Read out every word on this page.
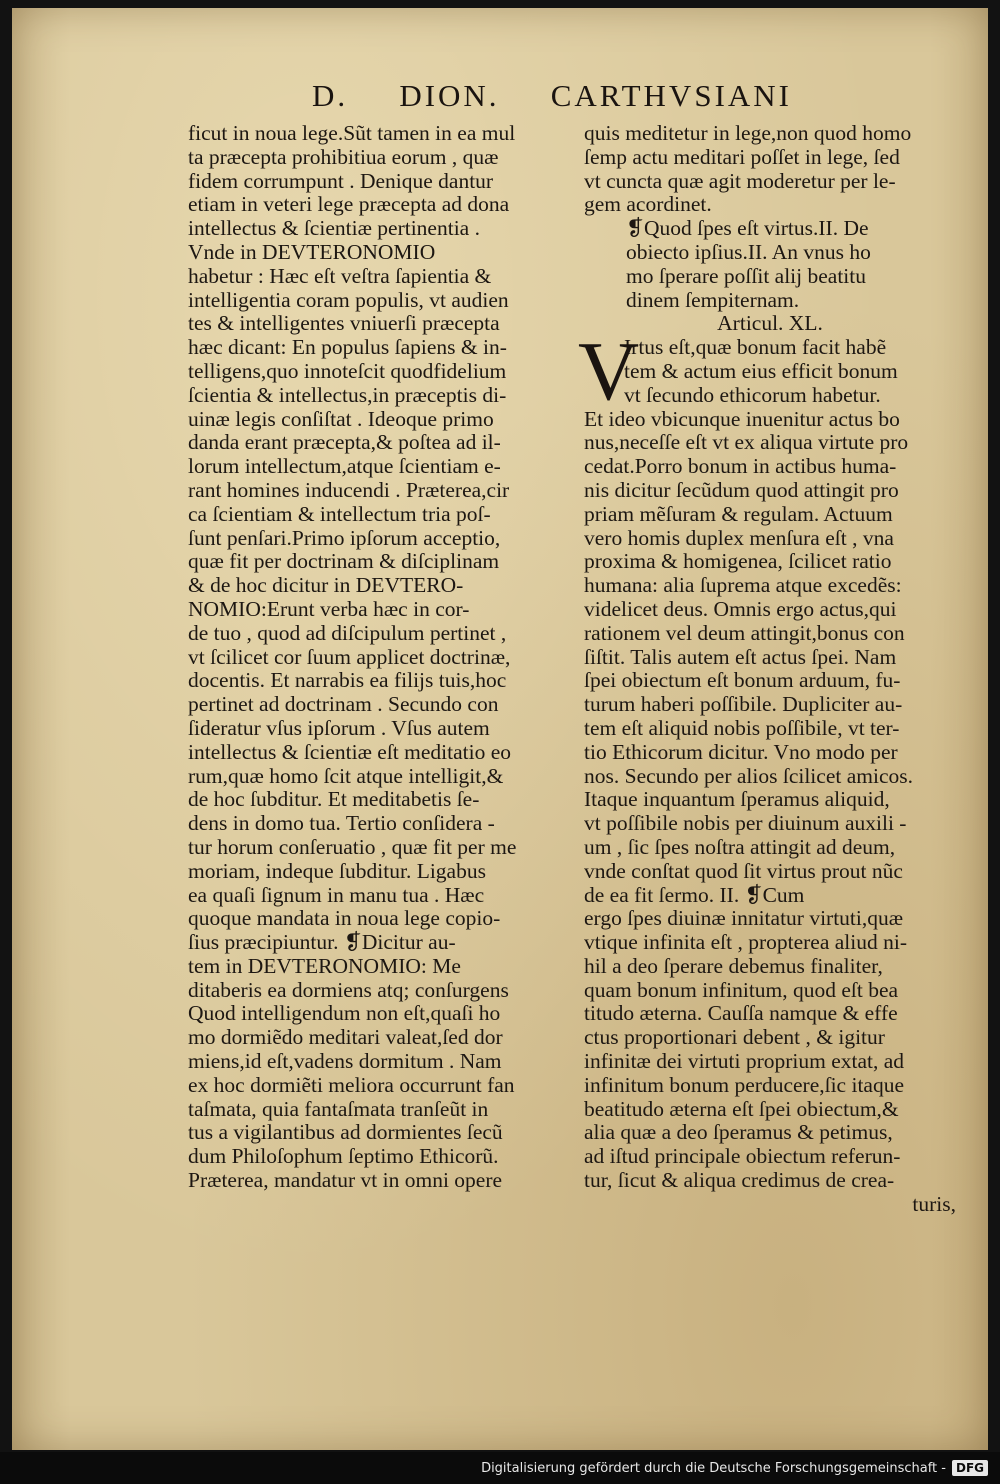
D. DION. CARTHVSIANI
ficut in noua lege.Sũt tamen in ea mul
ta præcepta prohibitiua eorum , quæ
fidem corrumpunt . Denique dantur
etiam in veteri lege præcepta ad dona
intellectus & ſcientiæ pertinentia .
Vnde in DEVTERONOMIO
habetur : Hæc eſt veſtra ſapientia &
intelligentia coram populis, vt audien
tes & intelligentes vniuerſi præcepta
hæc dicant: En populus ſapiens & in-
telligens,quo innoteſcit quodfidelium
ſcientia & intellectus,in præceptis di-
uinæ legis conſiſtat . Ideoque primo
danda erant præcepta,& poſtea ad il-
lorum intellectum,atque ſcientiam e-
rant homines inducendi . Præterea,cir
ca ſcientiam & intellectum tria poſ-
ſunt penſari.Primo ipſorum acceptio,
quæ fit per doctrinam & diſciplinam
& de hoc dicitur in DEVTERO-
NOMIO:Erunt verba hæc in cor-
de tuo , quod ad diſcipulum pertinet ,
vt ſcilicet cor ſuum applicet doctrinæ,
docentis. Et narrabis ea filijs tuis,hoc
pertinet ad doctrinam . Secundo con
ſideratur vſus ipſorum . Vſus autem
intellectus & ſcientiæ eſt meditatio eo
rum,quæ homo ſcit atque intelligit,&
de hoc ſubditur. Et meditabetis ſe-
dens in domo tua. Tertio conſidera -
tur horum conſeruatio , quæ fit per me
moriam, indeque ſubditur. Ligabus
ea quaſi ſignum in manu tua . Hæc
quoque mandata in noua lege copio-
ſius præcipiuntur. ❡Dicitur au-
tem in DEVTERONOMIO: Me
ditaberis ea dormiens atq; conſurgens
Quod intelligendum non eſt,quaſi ho
mo dormiẽdo meditari valeat,ſed dor
miens,id eſt,vadens dormitum . Nam
ex hoc dormiẽti meliora occurrunt fan
taſmata, quia fantaſmata tranſeũt in
tus a vigilantibus ad dormientes ſecũ
dum Philoſophum ſeptimo Ethicorũ.
Præterea, mandatur vt in omni opere
quis meditetur in lege,non quod homo
ſemp actu meditari poſſet in lege, ſed
vt cuncta quæ agit moderetur per le-
gem acordinet.
❡Quod ſpes eſt virtus.II. De
obiecto ipſius.II. An vnus ho
mo ſperare poſſit alij beatitu
dinem ſempiternam.
Articul. XL.
V
Irtus eſt,quæ bonum facit habẽ
tem & actum eius efficit bonum
vt ſecundo ethicorum habetur.
Et ideo vbicunque inuenitur actus bo
nus,neceſſe eſt vt ex aliqua virtute pro
cedat.Porro bonum in actibus huma-
nis dicitur ſecũdum quod attingit pro
priam mẽſuram & regulam. Actuum
vero homis duplex menſura eſt , vna
proxima & homigenea, ſcilicet ratio
humana: alia ſuprema atque excedẽs:
videlicet deus. Omnis ergo actus,qui
rationem vel deum attingit,bonus con
ſiſtit. Talis autem eſt actus ſpei. Nam
ſpei obiectum eſt bonum arduum, fu-
turum haberi poſſibile. Dupliciter au-
tem eſt aliquid nobis poſſibile, vt ter-
tio Ethicorum dicitur. Vno modo per
nos. Secundo per alios ſcilicet amicos.
Itaque inquantum ſperamus aliquid,
vt poſſibile nobis per diuinum auxili -
um , ſic ſpes noſtra attingit ad deum,
vnde conſtat quod ſit virtus prout nũc
de ea fit ſermo. II. ❡Cum
ergo ſpes diuinæ innitatur virtuti,quæ
vtique infinita eſt , propterea aliud ni-
hil a deo ſperare debemus finaliter,
quam bonum infinitum, quod eſt bea
titudo æterna. Cauſſa namque & effe
ctus proportionari debent , & igitur
infinitæ dei virtuti proprium extat, ad
infinitum bonum perducere,ſic itaque
beatitudo æterna eſt ſpei obiectum,&
alia quæ a deo ſperamus & petimus,
ad iſtud principale obiectum referun-
tur, ſicut & aliqua credimus de crea-
turis,
Digitalisierung gefördert durch die Deutsche Forschungsgemeinschaft - DFG
